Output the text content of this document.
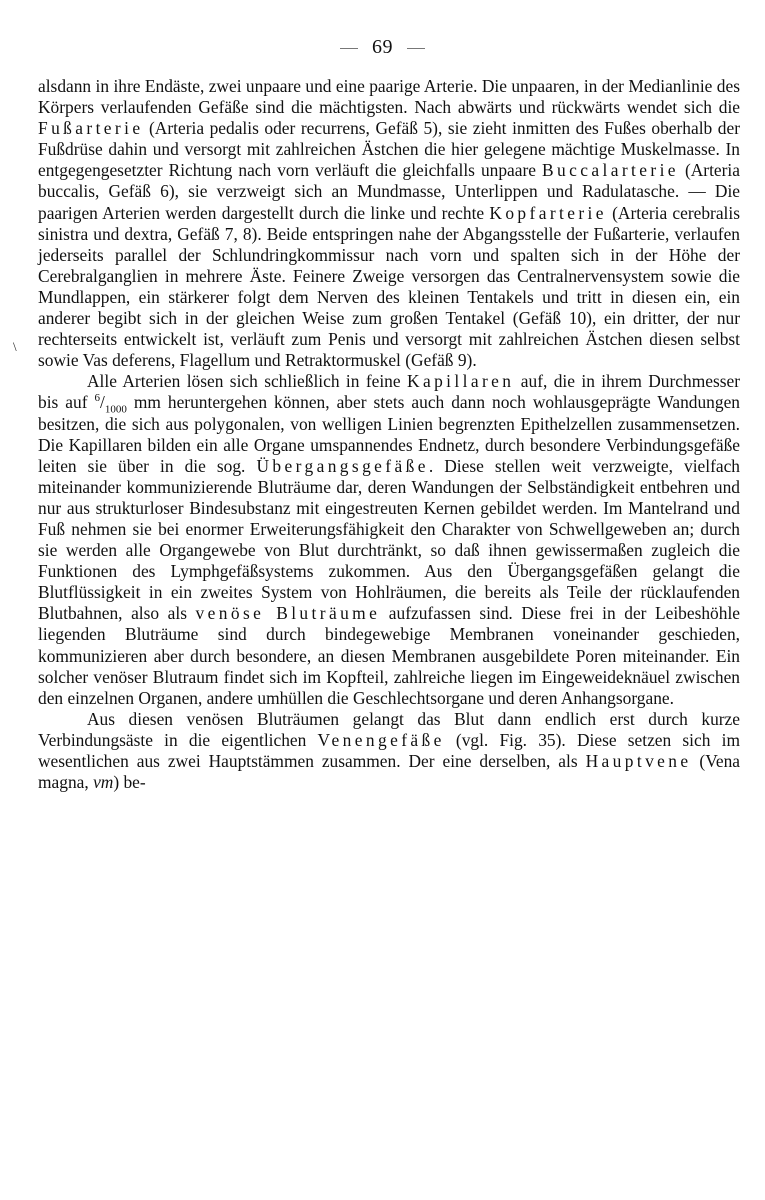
69
\

alsdann in ihre Endäste, zwei unpaare und eine paarige Arterie. Die unpaaren, in der Medianlinie des Körpers verlaufenden Gefäße sind die mächtigsten. Nach abwärts und rückwärts wendet sich die Fußarterie (Arteria pedalis oder recurrens, Gefäß 5), sie zieht inmitten des Fußes oberhalb der Fußdrüse dahin und versorgt mit zahlreichen Ästchen die hier gelegene mächtige Muskelmasse. In entgegengesetzter Richtung nach vorn verläuft die gleichfalls unpaare Buccalarterie (Arteria buccalis, Gefäß 6), sie verzweigt sich an Mundmasse, Unterlippen und Radulatasche. — Die paarigen Arterien werden dargestellt durch die linke und rechte Kopfarterie (Arteria cerebralis sinistra und dextra, Gefäß 7, 8). Beide entspringen nahe der Abgangsstelle der Fußarterie, verlaufen jederseits parallel der Schlundringkommissur nach vorn und spalten sich in der Höhe der Cerebralganglien in mehrere Äste. Feinere Zweige versorgen das Centralnervensystem sowie die Mundlappen, ein stärkerer folgt dem Nerven des kleinen Tentakels und tritt in diesen ein, ein anderer begibt sich in der gleichen Weise zum großen Tentakel (Gefäß 10), ein dritter, der nur rechterseits entwickelt ist, verläuft zum Penis und versorgt mit zahlreichen Ästchen diesen selbst sowie Vas deferens, Flagellum und Retraktormuskel (Gefäß 9).

Alle Arterien lösen sich schließlich in feine Kapillaren auf, die in ihrem Durchmesser bis auf $^6/_{1000}$ mm heruntergehen können, aber stets auch dann noch wohlausgeprägte Wandungen besitzen, die sich aus polygonalen, von welligen Linien begrenzten Epithelzellen zusammensetzen. Die Kapillaren bilden ein alle Organe umspannendes Endnetz, durch besondere Verbindungsgefäße leiten sie über in die sog. Übergangsgefäße. Diese stellen weit verzweigte, vielfach miteinander kommunizierende Bluträume dar, deren Wandungen der Selbständigkeit entbehren und nur aus strukturloser Bindesubstanz mit eingestreuten Kernen gebildet werden. Im Mantelrand und Fuß nehmen sie bei enormer Erweiterungsfähigkeit den Charakter von Schwellgeweben an; durch sie werden alle Organgewebe von Blut durchtränkt, so daß ihnen gewissermaßen zugleich die Funktionen des Lymphgefäßsystems zukommen. Aus den Übergangsgefäßen gelangt die Blutflüssigkeit in ein zweites System von Hohlräumen, die bereits als Teile der rücklaufenden Blutbahnen, also als venöse Bluträume aufzufassen sind. Diese frei in der Leibeshöhle liegenden Bluträume sind durch bindegewebige Membranen voneinander geschieden, kommunizieren aber durch besondere, an diesen Membranen ausgebildete Poren miteinander. Ein solcher venöser Blutraum findet sich im Kopfteil, zahlreiche liegen im Eingeweideknäuel zwischen den einzelnen Organen, andere umhüllen die Geschlechtsorgane und deren Anhangsorgane.

Aus diesen venösen Bluträumen gelangt das Blut dann endlich erst durch kurze Verbindungsäste in die eigentlichen Venengefäße (vgl. Fig. 35). Diese setzen sich im wesentlichen aus zwei Hauptstämmen zusammen. Der eine derselben, als Hauptvene (Vena magna, vm) be-
